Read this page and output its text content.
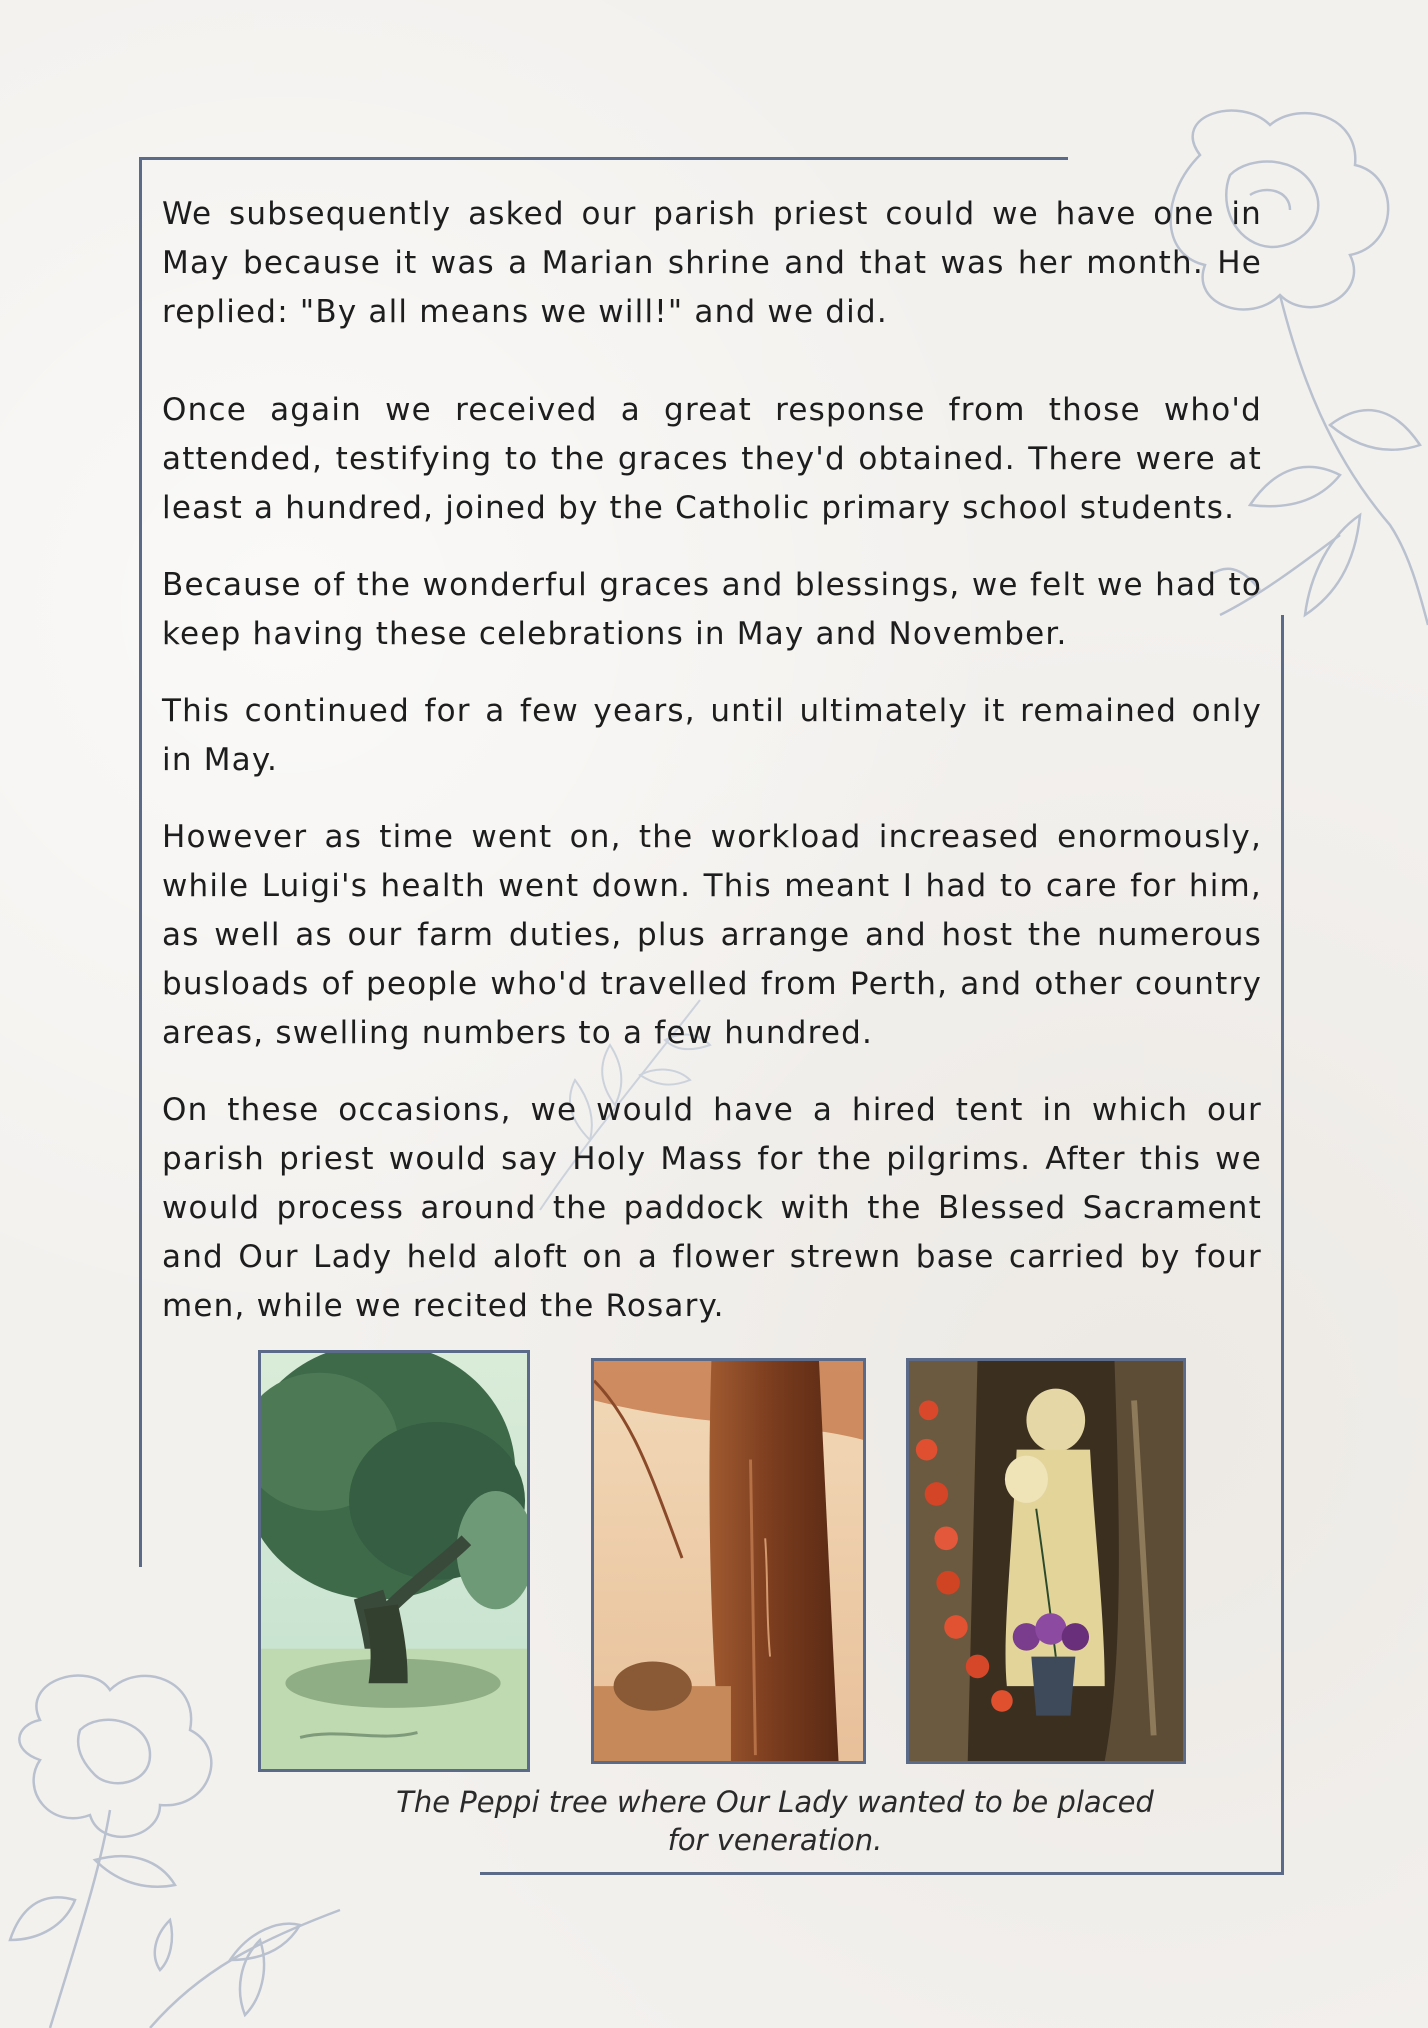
We subsequently asked our parish priest could we have one in May because it was a Marian shrine and that was her month. He replied: "By all means we will!" and we did.

Once again we received a great response from those who'd attended, testifying to the graces they'd obtained. There were at least a hundred, joined by the Catholic primary school students.

Because of the wonderful graces and blessings, we felt we had to keep having these celebrations in May and November.

This continued for a few years, until ultimately it remained only in May.

However as time went on, the workload increased enormously, while Luigi's health went down. This meant I had to care for him, as well as our farm duties, plus arrange and host the numerous busloads of people who'd travelled from Perth, and other country areas, swelling numbers to a few hundred.

On these occasions, we would have a hired tent in which our parish priest would say Holy Mass for the pilgrims. After this we would process around the paddock with the Blessed Sacrament and Our Lady held aloft on a flower strewn base carried by four men, while we recited the Rosary.

The Peppi tree where Our Lady wanted to be placed
for veneration.
